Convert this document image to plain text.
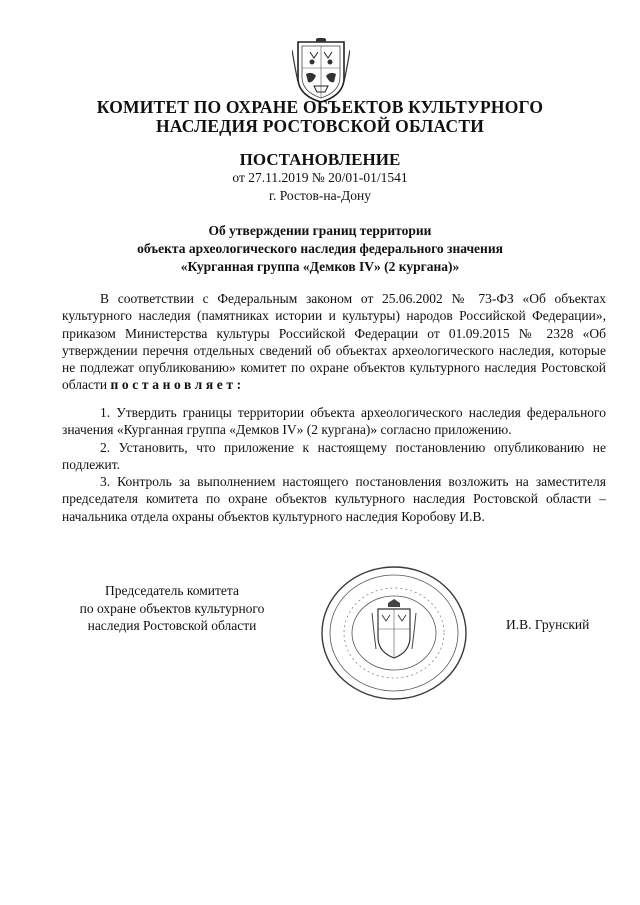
КОМИТЕТ ПО ОХРАНЕ ОБЪЕКТОВ КУЛЬТУРНОГО
НАСЛЕДИЯ РОСТОВСКОЙ ОБЛАСТИ
ПОСТАНОВЛЕНИЕ
от 27.11.2019 № 20/01-01/1541
г. Ростов-на-Дону
Об утверждении границ территории
объекта археологического наследия федерального значения
«Курганная группа «Демков IV» (2 кургана)»

В соответствии с Федеральным законом от 25.06.2002 № 73-ФЗ «Об объектах культурного наследия (памятниках истории и культуры) народов Российской Федерации», приказом Министерства культуры Российской Федерации от 01.09.2015 № 2328 «Об утверждении перечня отдельных сведений об объектах археологического наследия, которые не подлежат опубликованию» комитет по охране объектов культурного наследия Ростовской области постановляет:

1. Утвердить границы территории объекта археологического наследия федерального значения «Курганная группа «Демков IV» (2 кургана)» согласно приложению.

2. Установить, что приложение к настоящему постановлению опубликованию не подлежит.

3. Контроль за выполнением настоящего постановления возложить на заместителя председателя комитета по охране объектов культурного наследия Ростовской области – начальника отдела охраны объектов культурного наследия Коробову И.В.

Председатель комитета
по охране объектов культурного
наследия Ростовской области	И.В. Грунский
